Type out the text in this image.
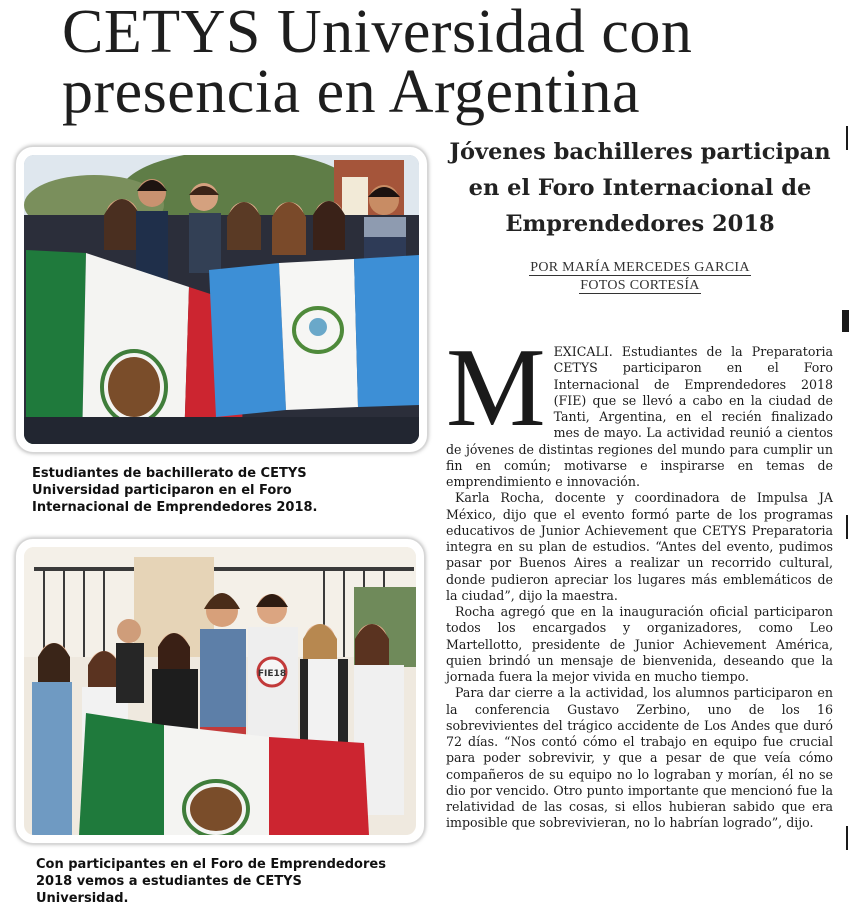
CETYS Universidad con presencia en Argentina

Estudiantes de bachillerato de CETYS Universidad participaron en el Foro Internacional de Emprendedores 2018.

FIE18

Con participantes en el Foro de Emprendedores 2018 vemos a estudiantes de CETYS Universidad.

Jóvenes bachilleres participan en el Foro Internacional de Emprendedores 2018
POR MARÍA MERCEDES GARCIA
FOTOS CORTESÍA

MEXICALI. Estudiantes de la Preparatoria CETYS participaron en el Foro Internacional de Emprendedores 2018 (FIE) que se llevó a cabo en la ciudad de Tanti, Argentina, en el recién finalizado mes de mayo. La actividad reunió a cientos de jóvenes de distintas regiones del mundo para cumplir un fin en común; motivarse e inspirarse en temas de emprendimiento e innovación.

Karla Rocha, docente y coordinadora de Impulsa JA México, dijo que el evento formó parte de los programas educativos de Junior Achievement que CETYS Preparatoria integra en su plan de estudios. “Antes del evento, pudimos pasar por Buenos Aires a realizar un recorrido cultural, donde pudieron apreciar los lugares más emblemáticos de la ciudad”, dijo la maestra.

Rocha agregó que en la inauguración oficial participaron todos los encargados y organizadores, como Leo Martellotto, presidente de Junior Achievement América, quien brindó un mensaje de bienvenida, deseando que la jornada fuera la mejor vivida en mucho tiempo.

Para dar cierre a la actividad, los alumnos participaron en la conferencia Gustavo Zerbino, uno de los 16 sobrevivientes del trágico accidente de Los Andes que duró 72 días. “Nos contó cómo el trabajo en equipo fue crucial para poder sobrevivir, y que a pesar de que veía cómo compañeros de su equipo no lo lograban y morían, él no se dio por vencido. Otro punto importante que mencionó fue la relatividad de las cosas, si ellos hubieran sabido que era imposible que sobrevivieran, no lo habrían logrado”, dijo.
